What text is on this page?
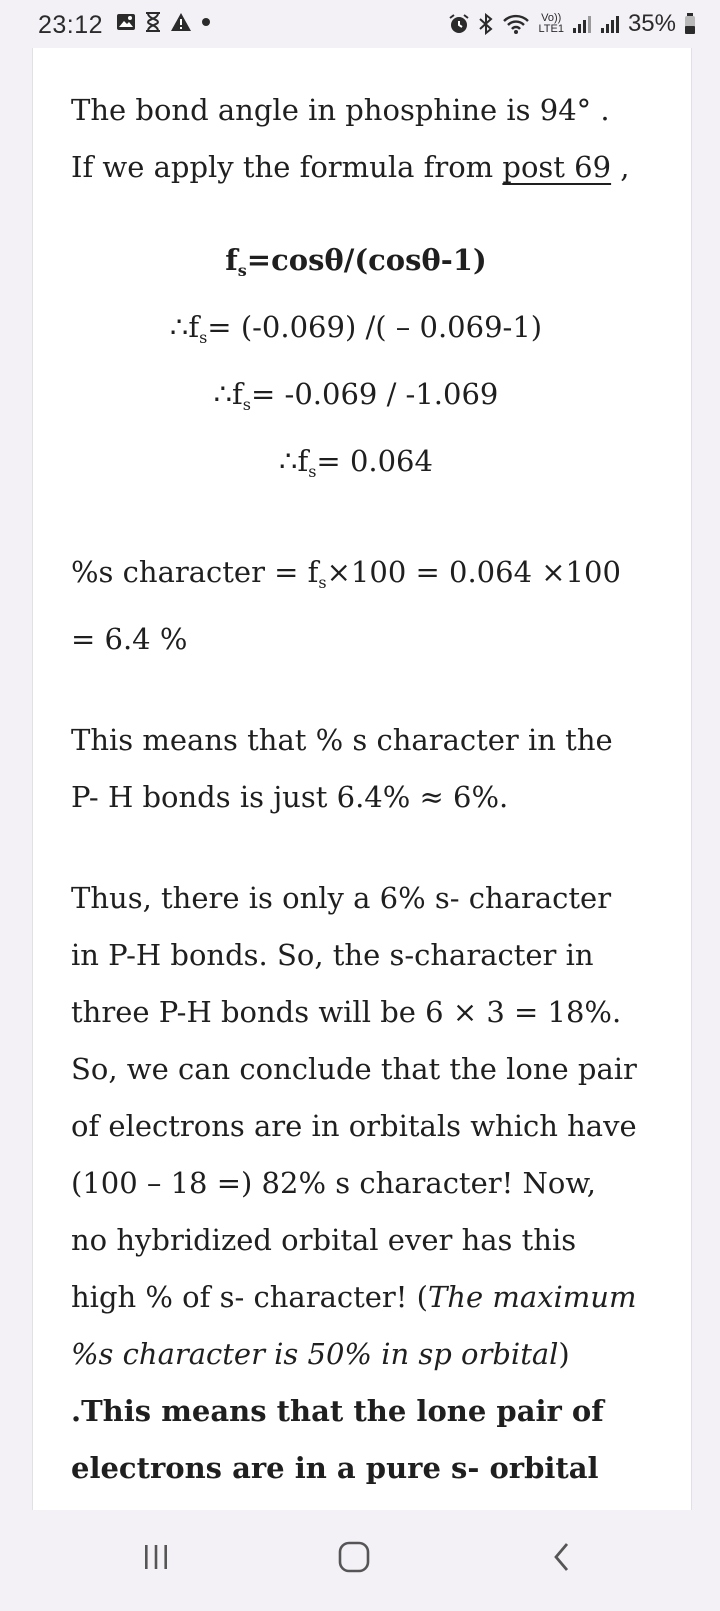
23:12	Vo))
LTE1	35%

The bond angle in phosphine is 94° . If we apply the formula from post 69 ,

$f_s=\cos\theta/(\cos\theta-1)$

$\therefore f_s= (-0.069)$ /( – 0.069-1)

$\therefore f_s= -0.069 / -1.069$

$\therefore f_s= 0.064$

%s character = $f_s\times 100 = 0.064 \times 100 = 6.4$ %

This means that % s character in the P- H bonds is just 6.4% ≈ 6%.

Thus, there is only a 6% s- character in P-H bonds. So, the s-character in three P-H bonds will be 6 × 3 = 18%. So, we can conclude that the lone pair of electrons are in orbitals which have (100 – 18 =) 82% s character! Now, no hybridized orbital ever has this high % of s- character! (The maximum %s character is 50% in sp orbital)
.This means that the lone pair of electrons are in a pure s- orbital
